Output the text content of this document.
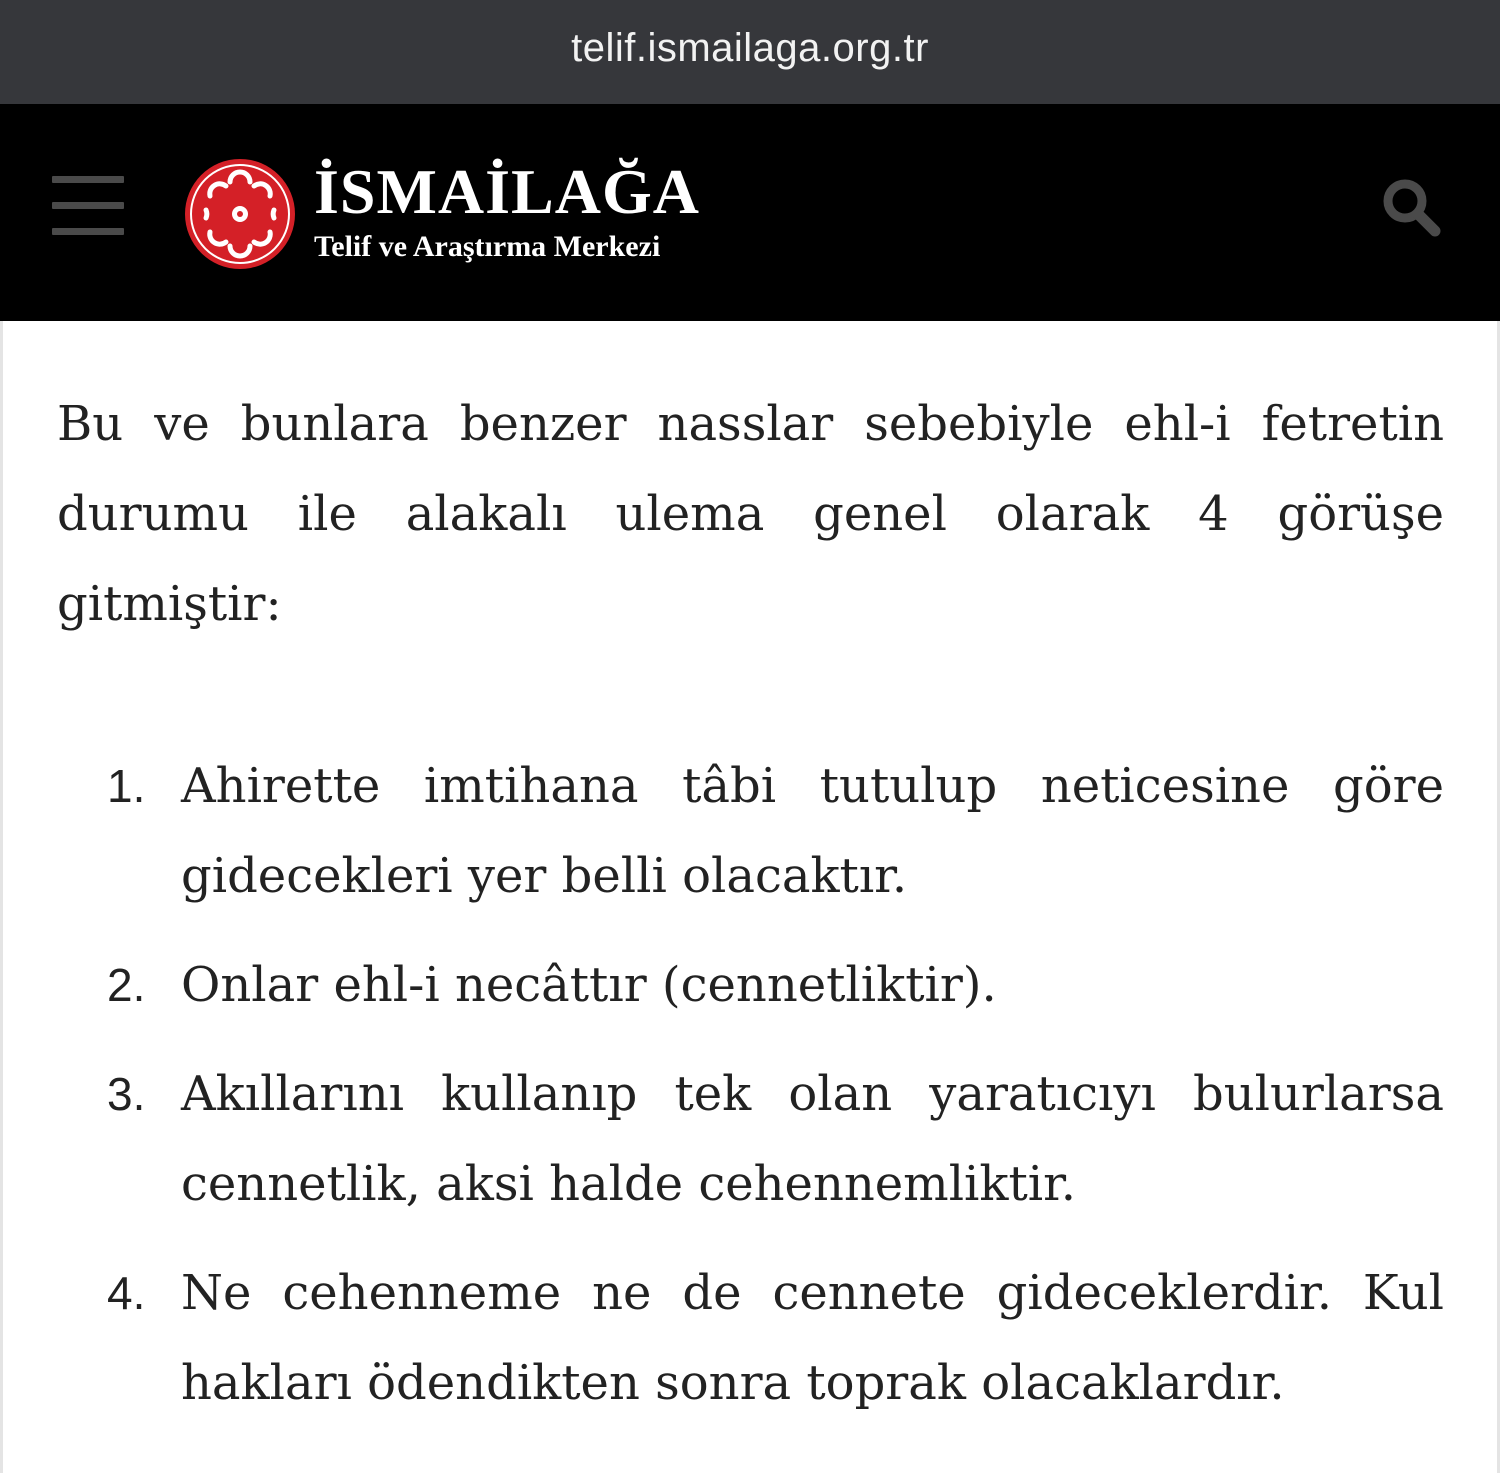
telif.ismailaga.org.tr
İSMAİLAĞA
Telif ve Araştırma Merkezi

Bu ve bunlara benzer nasslar sebebiyle ehl-i fetretin durumu ile alakalı ulema genel olarak 4 görüşe gitmiştir:

1. Ahirette imtihana tâbi tutulup neticesine göre gidecekleri yer belli olacaktır.
2. Onlar ehl-i necâttır (cennetliktir).
3. Akıllarını kullanıp tek olan yaratıcıyı bulurlarsa cennetlik, aksi halde cehennemliktir.
4. Ne cehenneme ne de cennete gideceklerdir. Kul hakları ödendikten sonra toprak olacaklardır.
